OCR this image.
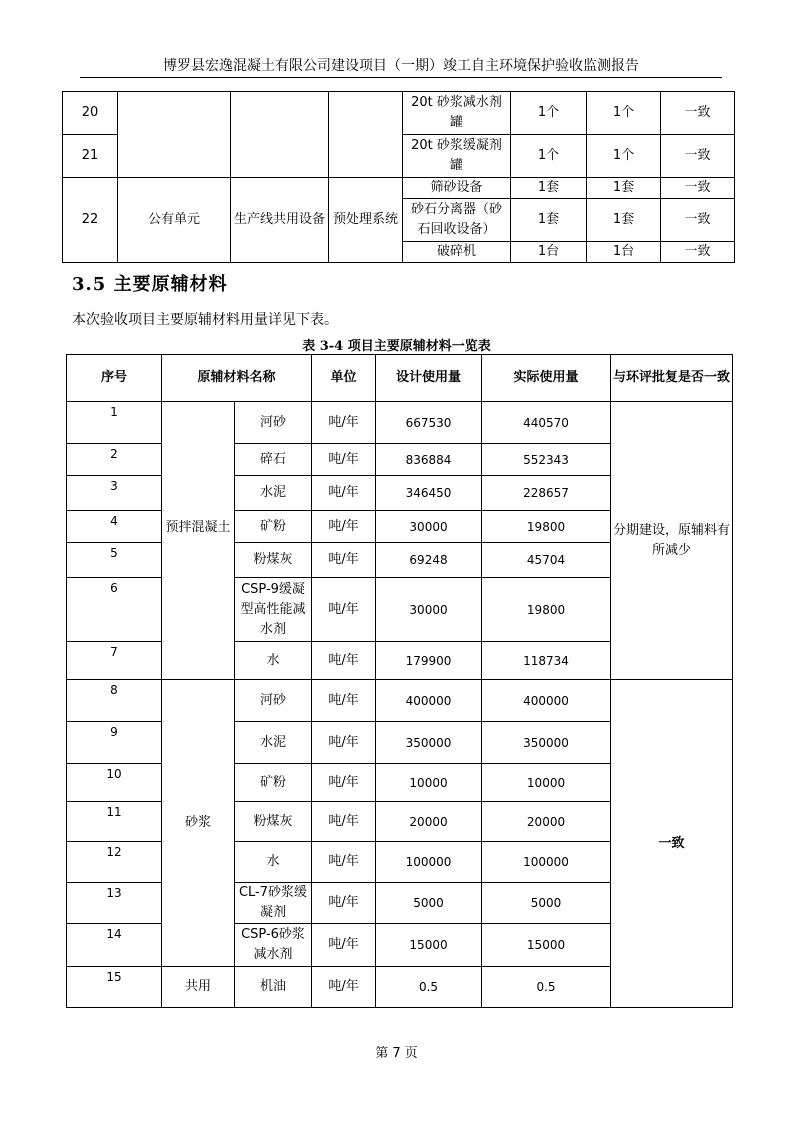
博罗县宏逸混凝土有限公司建设项目（一期）竣工自主环境保护验收监测报告
20				20t 砂浆减水剂罐	1个	1个	一致
21				20t 砂浆缓凝剂罐	1个	1个	一致
22	公有单元	生产线共用设备	预处理系统	筛砂设备	1套	1套	一致
				砂石分离器（砂石回收设备）	1套	1套	一致
				破碎机	1台	1台	一致
3.5 主要原辅材料
本次验收项目主要原辅材料用量详见下表。
表 3-4 项目主要原辅材料一览表
序号	原辅材料名称		单位	设计使用量	实际使用量	与环评批复是否一致
1	预拌混凝土	河砂	吨/年	667530	440570	分期建设，原辅料有所减少
2		碎石	吨/年	836884	552343	
3		水泥	吨/年	346450	228657	
4		矿粉	吨/年	30000	19800	
5		粉煤灰	吨/年	69248	45704	
6		CSP-9缓凝型高性能减水剂	吨/年	30000	19800	
7		水	吨/年	179900	118734	
8	砂浆	河砂	吨/年	400000	400000	一致
9		水泥	吨/年	350000	350000	
10		矿粉	吨/年	10000	10000	
11		粉煤灰	吨/年	20000	20000	
12		水	吨/年	100000	100000	
13		CL-7砂浆缓凝剂	吨/年	5000	5000	
14		CSP-6砂浆减水剂	吨/年	15000	15000	
15	共用	机油	吨/年	0.5	0.5	
第 7 页
